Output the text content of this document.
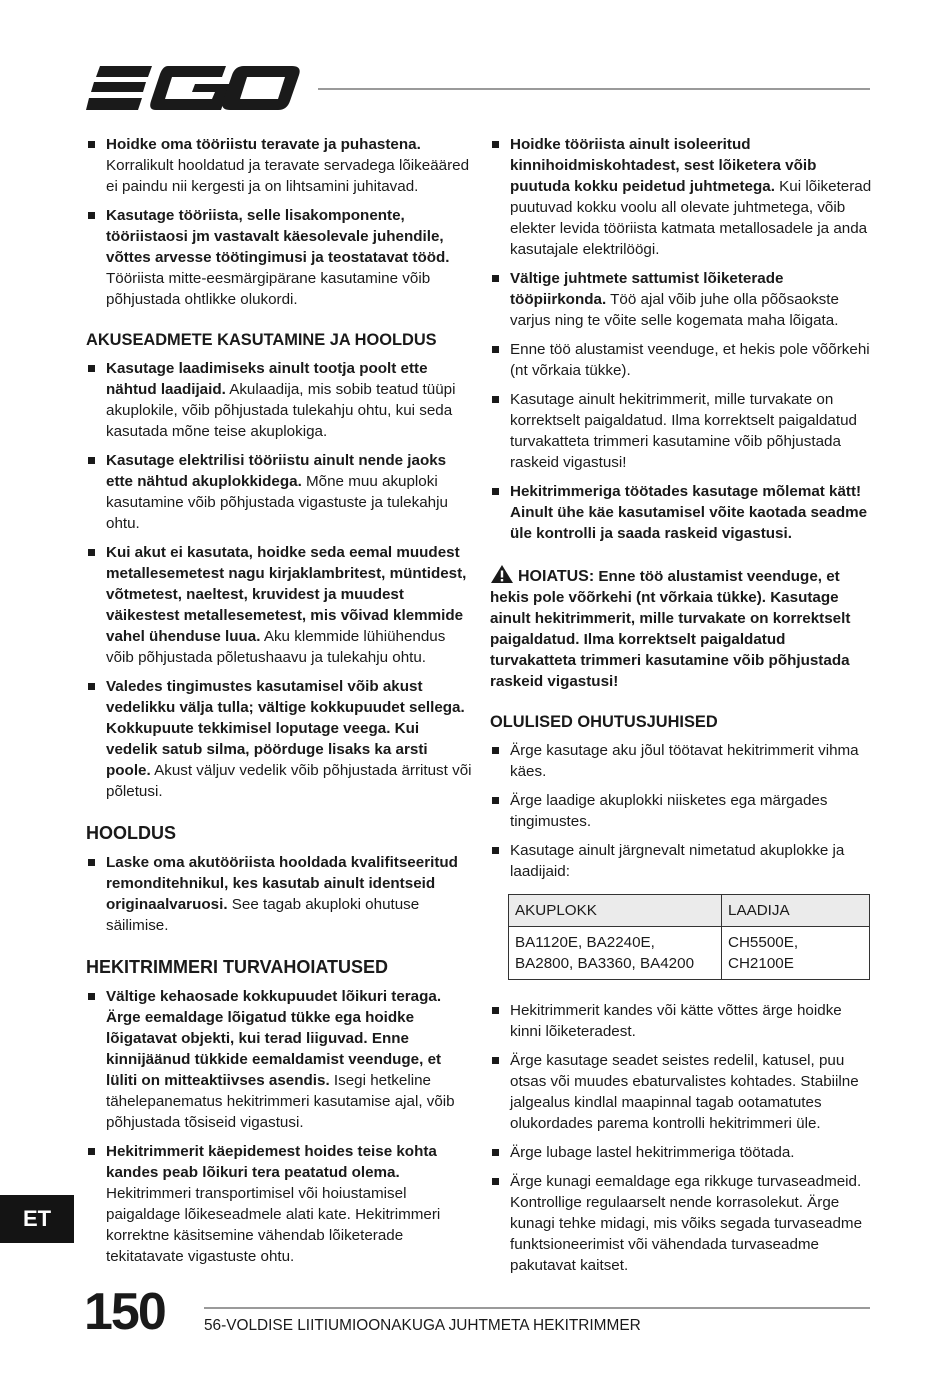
Hoidke oma tööriistu teravate ja puhastena. Korralikult hooldatud ja teravate servadega lõikeääred ei paindu nii kergesti ja on lihtsamini juhitavad.
Kasutage tööriista, selle lisakomponente, tööriistaosi jm vastavalt käesolevale juhendile, võttes arvesse töötingimusi ja teostatavat tööd. Tööriista mitte-eesmärgipärane kasutamine võib põhjustada ohtlikke olukordi.
AKUSEADMETE KASUTAMINE JA HOOLDUS
Kasutage laadimiseks ainult tootja poolt ette nähtud laadijaid. Akulaadija, mis sobib teatud tüüpi akuplokile, võib põhjustada tulekahju ohtu, kui seda kasutada mõne teise akuplokiga.
Kasutage elektrilisi tööriistu ainult nende jaoks ette nähtud akuplokkidega. Mõne muu akuploki kasutamine võib põhjustada vigastuste ja tulekahju ohtu.
Kui akut ei kasutata, hoidke seda eemal muudest metallesemetest nagu kirjaklambritest, müntidest, võtmetest, naeltest, kruvidest ja muudest väikestest metallesemetest, mis võivad klemmide vahel ühenduse luua. Aku klemmide lühiühendus võib põhjustada põletushaavu ja tulekahju ohtu.
Valedes tingimustes kasutamisel võib akust vedelikku välja tulla; vältige kokkupuudet sellega. Kokkupuute tekkimisel loputage veega. Kui vedelik satub silma, pöörduge lisaks ka arsti poole. Akust väljuv vedelik võib põhjustada ärritust või põletusi.
HOOLDUS
Laske oma akutööriista hooldada kvalifitseeritud remonditehnikul, kes kasutab ainult identseid originaalvaruosi. See tagab akuploki ohutuse säilimise.
HEKITRIMMERI TURVAHOIATUSED
Vältige kehaosade kokkupuudet lõikuri teraga. Ärge eemaldage lõigatud tükke ega hoidke lõigatavat objekti, kui terad liiguvad. Enne kinnijäänud tükkide eemaldamist veenduge, et lüliti on mitteaktiivses asendis. Isegi hetkeline tähelepanematus hekitrimmeri kasutamise ajal, võib põhjustada tõsiseid vigastusi.
Hekitrimmerit käepidemest hoides teise kohta kandes peab lõikuri tera peatatud olema. Hekitrimmeri transportimisel või hoiustamisel paigaldage lõikeseadmele alati kate. Hekitrimmeri korrektne käsitsemine vähendab lõiketerade tekitatavate vigastuste ohtu.
Hoidke tööriista ainult isoleeritud kinnihoidmiskohtadest, sest lõiketera võib puutuda kokku peidetud juhtmetega. Kui lõiketerad puutuvad kokku voolu all olevate juhtmetega, võib elekter levida tööriista katmata metallosadele ja anda kasutajale elektrilöögi.
Vältige juhtmete sattumist lõiketerade tööpiirkonda. Töö ajal võib juhe olla põõsaokste varjus ning te võite selle kogemata maha lõigata.
Enne töö alustamist veenduge, et hekis pole võõrkehi (nt võrkaia tükke).
Kasutage ainult hekitrimmerit, mille turvakate on korrektselt paigaldatud. Ilma korrektselt paigaldatud turvakatteta trimmeri kasutamine võib põhjustada raskeid vigastusi!
Hekitrimmeriga töötades kasutage mõlemat kätt! Ainult ühe käe kasutamisel võite kaotada seadme üle kontrolli ja saada raskeid vigastusi.
HOIATUS: Enne töö alustamist veenduge, et hekis pole võõrkehi (nt võrkaia tükke). Kasutage ainult hekitrimmerit, mille turvakate on korrektselt paigaldatud. Ilma korrektselt paigaldatud turvakatteta trimmeri kasutamine võib põhjustada raskeid vigastusi!
OLULISED OHUTUSJUHISED
Ärge kasutage aku jõul töötavat hekitrimmerit vihma käes.
Ärge laadige akuplokki niisketes ega märgades tingimustes.
Kasutage ainult järgnevalt nimetatud akuplokke ja laadijaid:
AKUPLOKK	LAADIJA
BA1120E, BA2240E, BA2800, BA3360, BA4200	CH5500E, CH2100E
Hekitrimmerit kandes või kätte võttes ärge hoidke kinni lõiketeradest.
Ärge kasutage seadet seistes redelil, katusel, puu otsas või muudes ebaturvalistes kohtades. Stabiilne jalgealus kindlal maapinnal tagab ootamatutes olukordades parema kontrolli hekitrimmeri üle.
Ärge lubage lastel hekitrimmeriga töötada.
Ärge kunagi eemaldage ega rikkuge turvaseadmeid. Kontrollige regulaarselt nende korrasolekut. Ärge kunagi tehke midagi, mis võiks segada turvaseadme funktsioneerimist või vähendada turvaseadme pakutavat kaitset.
ET
150	56-VOLDISE LIITIUMIOONAKUGA JUHTMETA HEKITRIMMER
